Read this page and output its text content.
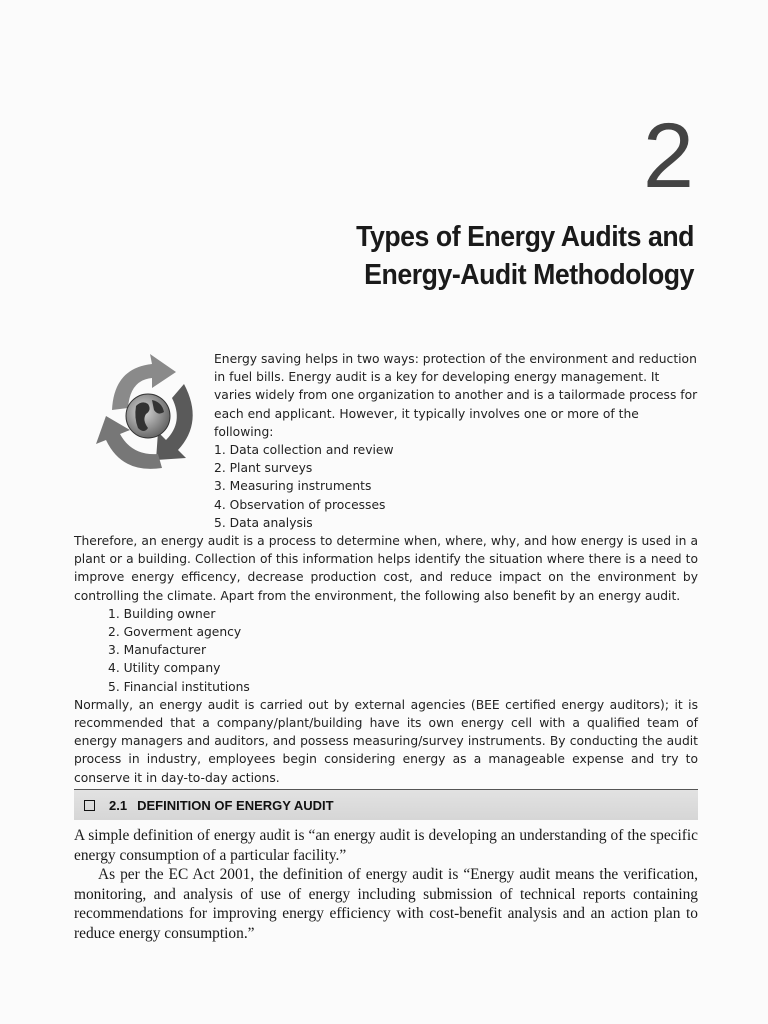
2
Types of Energy Audits and
Energy-Audit Methodology

Energy saving helps in two ways: protection of the environment and reduction in fuel bills. Energy audit is a key for developing energy management. It varies widely from one organization to another and is a tailormade process for each end applicant. However, it typically involves one or more of the following:

1. Data collection and review
2. Plant surveys
3. Measuring instruments
4. Observation of processes
5. Data analysis

Therefore, an energy audit is a process to determine when, where, why, and how energy is used in a plant or a building. Collection of this information helps identify the situation where there is a need to improve energy efficency, decrease production cost, and reduce impact on the environment by controlling the climate. Apart from the environment, the following also benefit by an energy audit.

1. Building owner
2. Goverment agency
3. Manufacturer
4. Utility company
5. Financial institutions

Normally, an energy audit is carried out by external agencies (BEE certified energy auditors); it is recommended that a company/plant/building have its own energy cell with a qualified team of energy managers and auditors, and possess measuring/survey instruments. By conducting the audit process in industry, employees begin considering energy as a manageable expense and try to conserve it in day-to-day actions.

2.1 DEFINITION OF ENERGY AUDIT

A simple definition of energy audit is “an energy audit is developing an understanding of the specific energy consumption of a particular facility.”

As per the EC Act 2001, the definition of energy audit is “Energy audit means the verification, monitoring, and analysis of use of energy including submission of technical reports containing recommendations for improving energy efficiency with cost-benefit analysis and an action plan to reduce energy consumption.”
